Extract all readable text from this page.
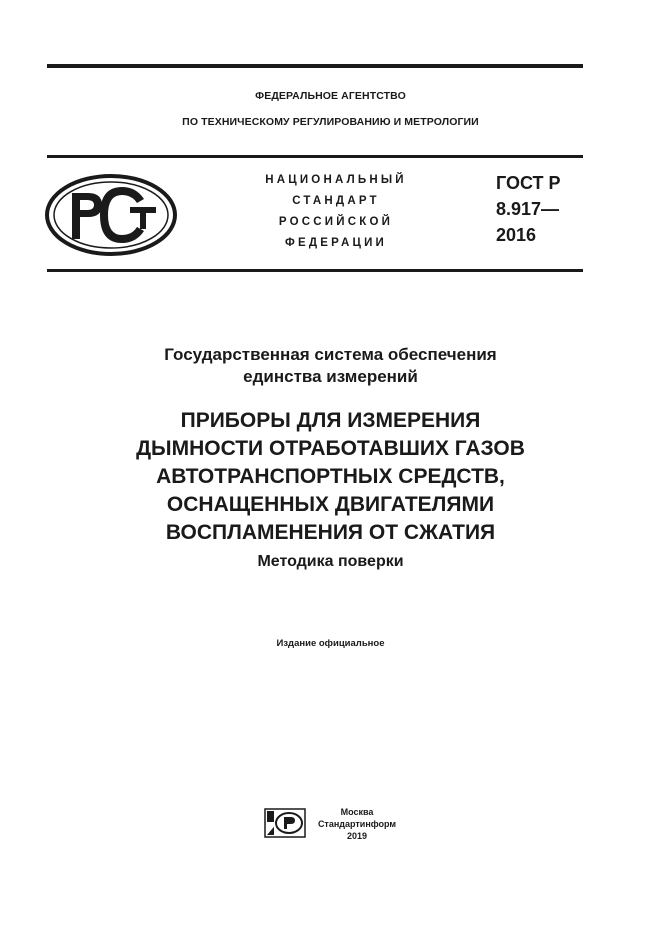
ФЕДЕРАЛЬНОЕ АГЕНТСТВО
ПО ТЕХНИЧЕСКОМУ РЕГУЛИРОВАНИЮ И МЕТРОЛОГИИ
НАЦИОНАЛЬНЫЙ
СТАНДАРТ
РОССИЙСКОЙ
ФЕДЕРАЦИИ
ГОСТ Р
8.917—
2016
Государственная система обеспечения
единства измерений
ПРИБОРЫ ДЛЯ ИЗМЕРЕНИЯ
ДЫМНОСТИ ОТРАБОТАВШИХ ГАЗОВ
АВТОТРАНСПОРТНЫХ СРЕДСТВ,
ОСНАЩЕННЫХ ДВИГАТЕЛЯМИ
ВОСПЛАМЕНЕНИЯ ОТ СЖАТИЯ
Методика поверки
Издание официальное
Москва
Стандартинформ
2019
